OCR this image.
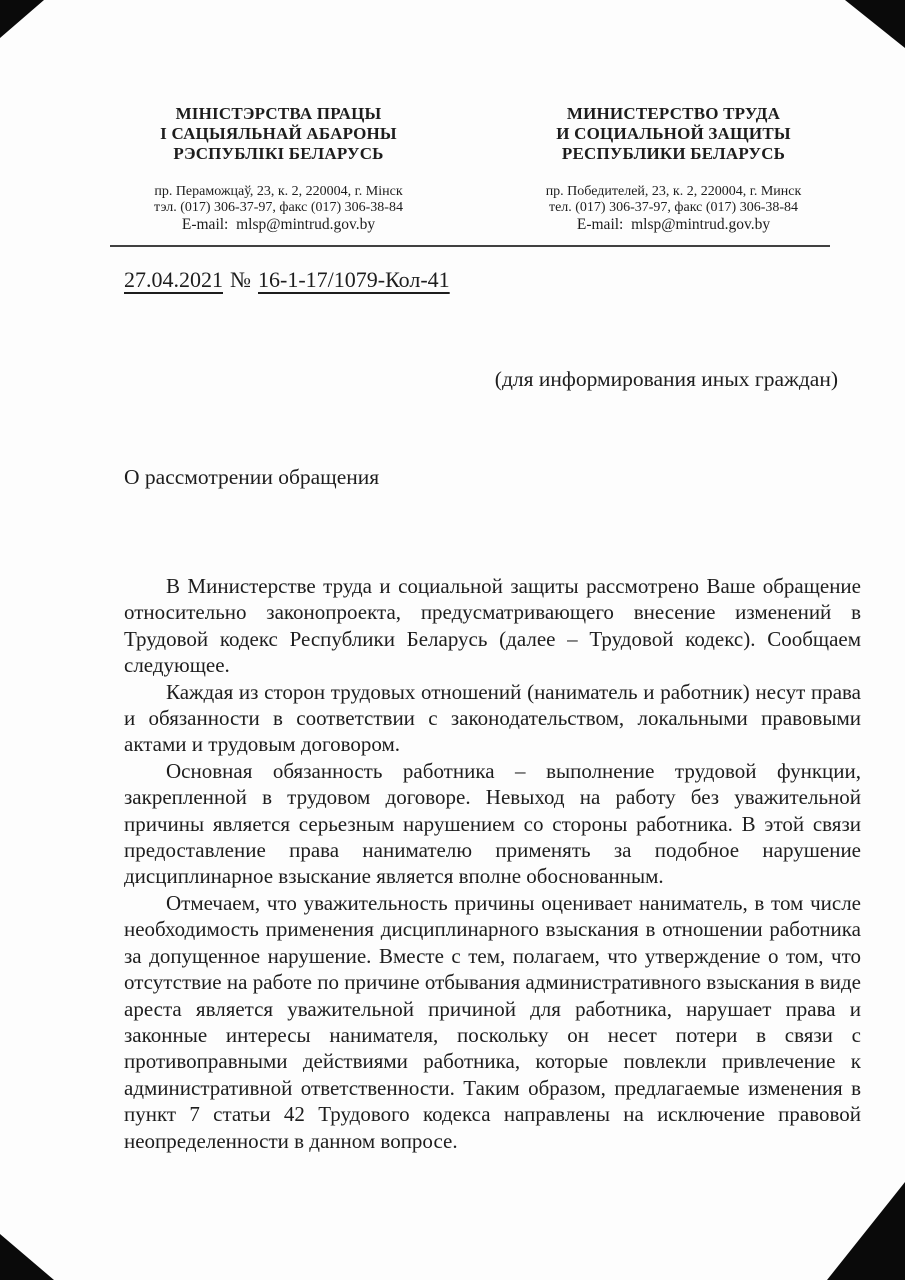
МІНІСТЭРСТВА ПРАЦЫ
І САЦЫЯЛЬНАЙ АБАРОНЫ
РЭСПУБЛІКІ БЕЛАРУСЬ
пр. Пераможцаў, 23, к. 2, 220004, г. Мінск
тэл. (017) 306-37-97, факс (017) 306-38-84
E-mail:  mlsp@mintrud.gov.by
МИНИСТЕРСТВО ТРУДА
И СОЦИАЛЬНОЙ ЗАЩИТЫ
РЕСПУБЛИКИ БЕЛАРУСЬ
пр. Победителей, 23, к. 2, 220004, г. Минск
тел. (017) 306-37-97, факс (017) 306-38-84
E-mail:  mlsp@mintrud.gov.by
27.04.2021 № 16-1-17/1079-Кол-41
(для информирования иных граждан)
О рассмотрении обращения

В Министерстве труда и социальной защиты рассмотрено Ваше обращение относительно законопроекта, предусматривающего внесение изменений в Трудовой кодекс Республики Беларусь (далее – Трудовой кодекс). Сообщаем следующее.

Каждая из сторон трудовых отношений (наниматель и работник) несут права и обязанности в соответствии с законодательством, локальными правовыми актами и трудовым договором.

Основная обязанность работника – выполнение трудовой функции, закрепленной в трудовом договоре. Невыход на работу без уважительной причины является серьезным нарушением со стороны работника. В этой связи предоставление права нанимателю применять за подобное нарушение дисциплинарное взыскание является вполне обоснованным.

Отмечаем, что уважительность причины оценивает наниматель, в том числе необходимость применения дисциплинарного взыскания в отношении работника за допущенное нарушение. Вместе с тем, полагаем, что утверждение о том, что отсутствие на работе по причине отбывания административного взыскания в виде ареста является уважительной причиной для работника, нарушает права и законные интересы нанимателя, поскольку он несет потери в связи с противоправными действиями работника, которые повлекли привлечение к административной ответственности. Таким образом, предлагаемые изменения в пункт 7 статьи 42 Трудового кодекса направлены на исключение правовой неопределенности в данном вопросе.
